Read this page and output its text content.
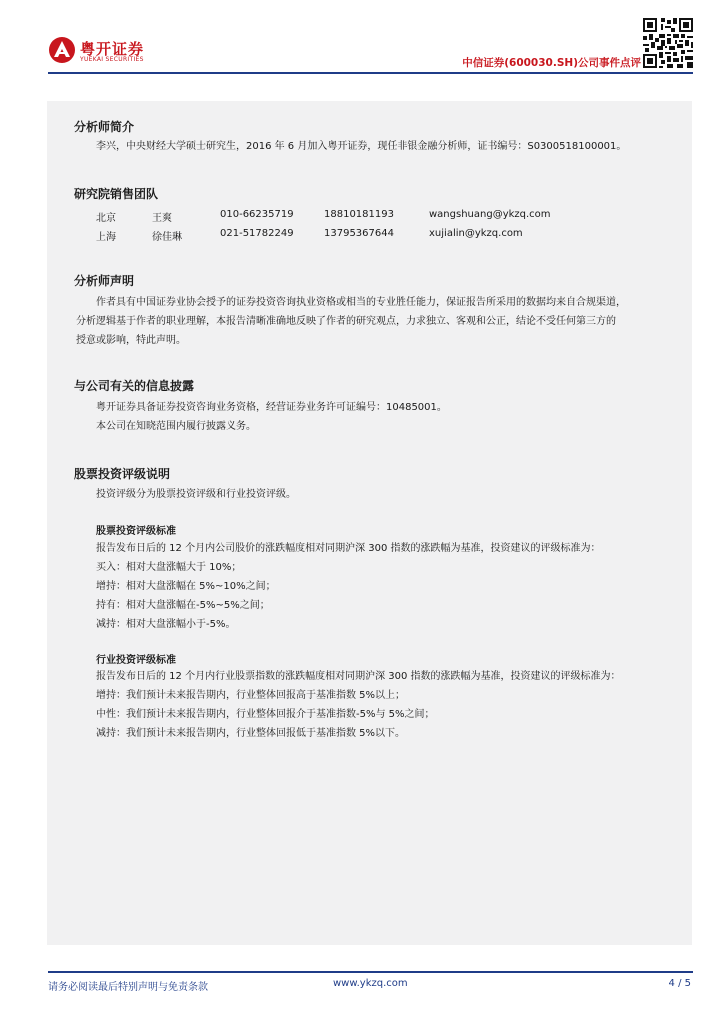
粤开证券
YUEKAI SECURITIES	中信证券(600030.SH)公司事件点评
分析师简介
李兴，中央财经大学硕士研究生，2016 年 6 月加入粤开证券，现任非银金融分析师，证书编号：S0300518100001。
研究院销售团队
北京	王爽	010-66235719	18810181193	wangshuang@ykzq.com
上海	徐佳琳	021-51782249	13795367644	xujialin@ykzq.com
分析师声明
作者具有中国证券业协会授予的证券投资咨询执业资格或相当的专业胜任能力，保证报告所采用的数据均来自合规渠道，
分析逻辑基于作者的职业理解，本报告清晰准确地反映了作者的研究观点，力求独立、客观和公正，结论不受任何第三方的
授意或影响，特此声明。
与公司有关的信息披露
粤开证券具备证券投资咨询业务资格，经营证券业务许可证编号：10485001。
本公司在知晓范围内履行披露义务。
股票投资评级说明
投资评级分为股票投资评级和行业投资评级。
股票投资评级标准
报告发布日后的 12 个月内公司股价的涨跌幅度相对同期沪深 300 指数的涨跌幅为基准，投资建议的评级标准为：
买入：相对大盘涨幅大于 10%；
增持：相对大盘涨幅在 5%~10%之间；
持有：相对大盘涨幅在-5%~5%之间；
减持：相对大盘涨幅小于-5%。
行业投资评级标准
报告发布日后的 12 个月内行业股票指数的涨跌幅度相对同期沪深 300 指数的涨跌幅为基准，投资建议的评级标准为：
增持：我们预计未来报告期内，行业整体回报高于基准指数 5%以上；
中性：我们预计未来报告期内，行业整体回报介于基准指数-5%与 5%之间；
减持：我们预计未来报告期内，行业整体回报低于基准指数 5%以下。
请务必阅读最后特别声明与免责条款	www.ykzq.com	4 / 5
